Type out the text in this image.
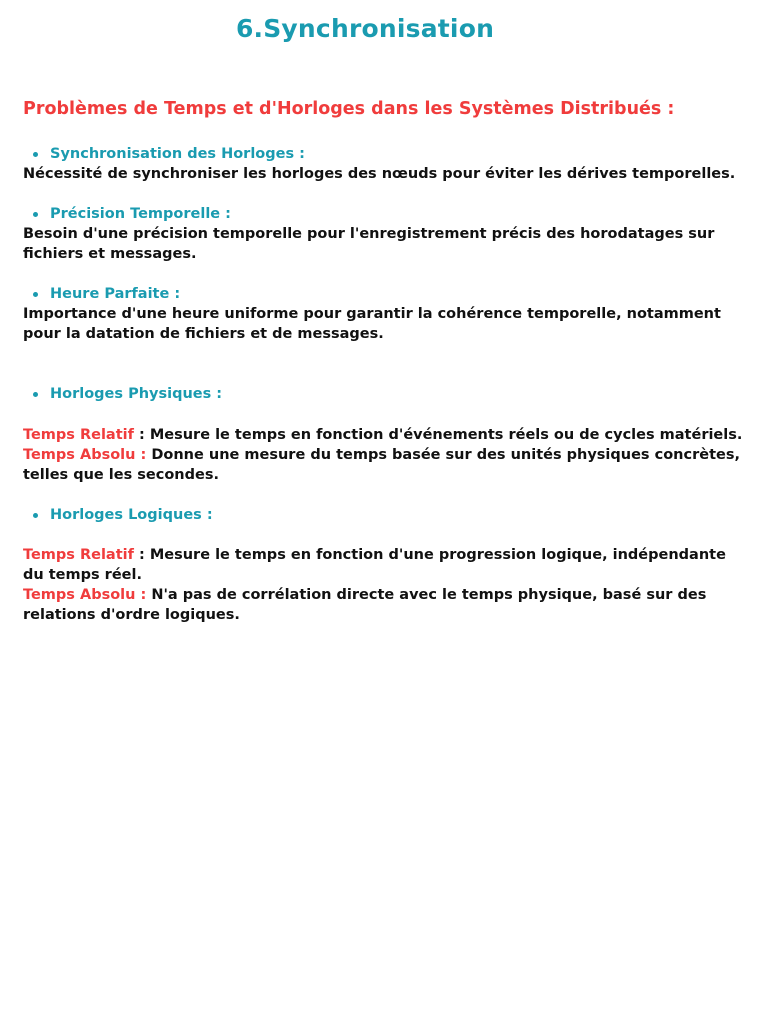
6.Synchronisation
Problèmes de Temps et d'Horloges dans les Systèmes Distribués :
Synchronisation des Horloges :
Nécessité de synchroniser les horloges des nœuds pour éviter les dérives temporelles.
Précision Temporelle :
Besoin d'une précision temporelle pour l'enregistrement précis des horodatages sur fichiers et messages.
Heure Parfaite :
Importance d'une heure uniforme pour garantir la cohérence temporelle, notamment pour la datation de fichiers et de messages.
Horloges Physiques :
Temps Relatif : Mesure le temps en fonction d'événements réels ou de cycles matériels.
Temps Absolu : Donne une mesure du temps basée sur des unités physiques concrètes, telles que les secondes.
Horloges Logiques :
Temps Relatif : Mesure le temps en fonction d'une progression logique, indépendante du temps réel.
Temps Absolu : N'a pas de corrélation directe avec le temps physique, basé sur des relations d'ordre logiques.
